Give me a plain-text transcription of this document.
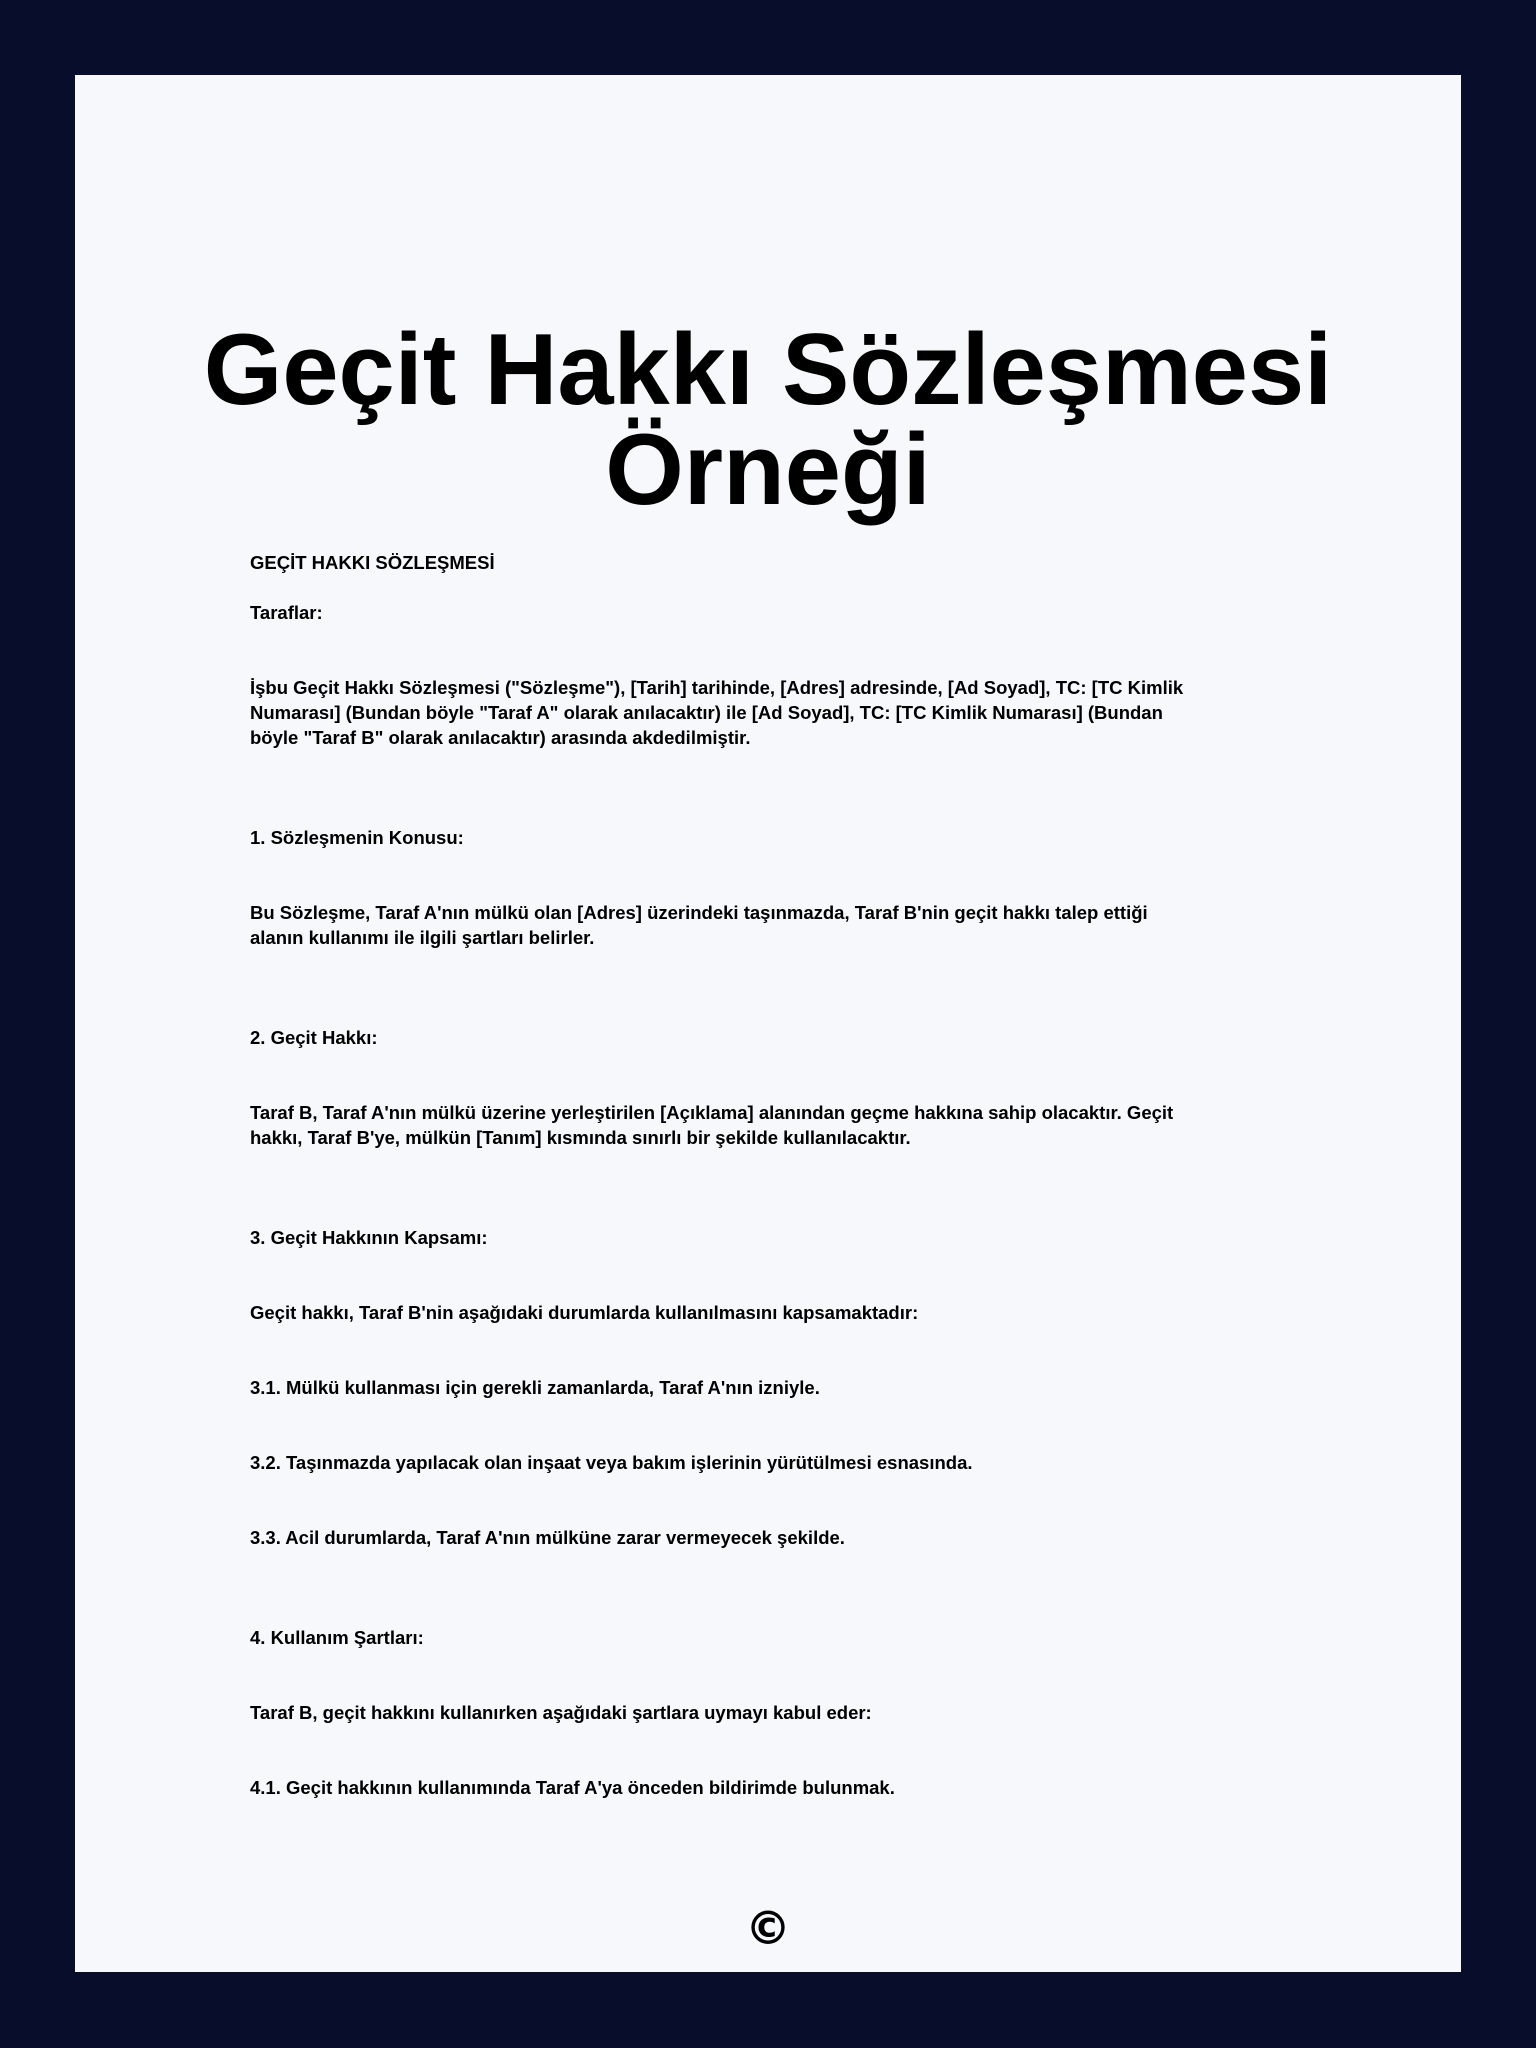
Geçit Hakkı Sözleşmesi
Örneği

GEÇİT HAKKI SÖZLEŞMESİ

Taraflar:

İşbu Geçit Hakkı Sözleşmesi ("Sözleşme"), [Tarih] tarihinde, [Adres] adresinde, [Ad Soyad], TC: [TC Kimlik

Numarası] (Bundan böyle "Taraf A" olarak anılacaktır) ile [Ad Soyad], TC: [TC Kimlik Numarası] (Bundan

böyle "Taraf B" olarak anılacaktır) arasında akdedilmiştir.

1. Sözleşmenin Konusu:

Bu Sözleşme, Taraf A'nın mülkü olan [Adres] üzerindeki taşınmazda, Taraf B'nin geçit hakkı talep ettiği

alanın kullanımı ile ilgili şartları belirler.

2. Geçit Hakkı:

Taraf B, Taraf A'nın mülkü üzerine yerleştirilen [Açıklama] alanından geçme hakkına sahip olacaktır. Geçit

hakkı, Taraf B'ye, mülkün [Tanım] kısmında sınırlı bir şekilde kullanılacaktır.

3. Geçit Hakkının Kapsamı:

Geçit hakkı, Taraf B'nin aşağıdaki durumlarda kullanılmasını kapsamaktadır:

3.1. Mülkü kullanması için gerekli zamanlarda, Taraf A'nın izniyle.

3.2. Taşınmazda yapılacak olan inşaat veya bakım işlerinin yürütülmesi esnasında.

3.3. Acil durumlarda, Taraf A'nın mülküne zarar vermeyecek şekilde.

4. Kullanım Şartları:

Taraf B, geçit hakkını kullanırken aşağıdaki şartlara uymayı kabul eder:

4.1. Geçit hakkının kullanımında Taraf A'ya önceden bildirimde bulunmak.

©
